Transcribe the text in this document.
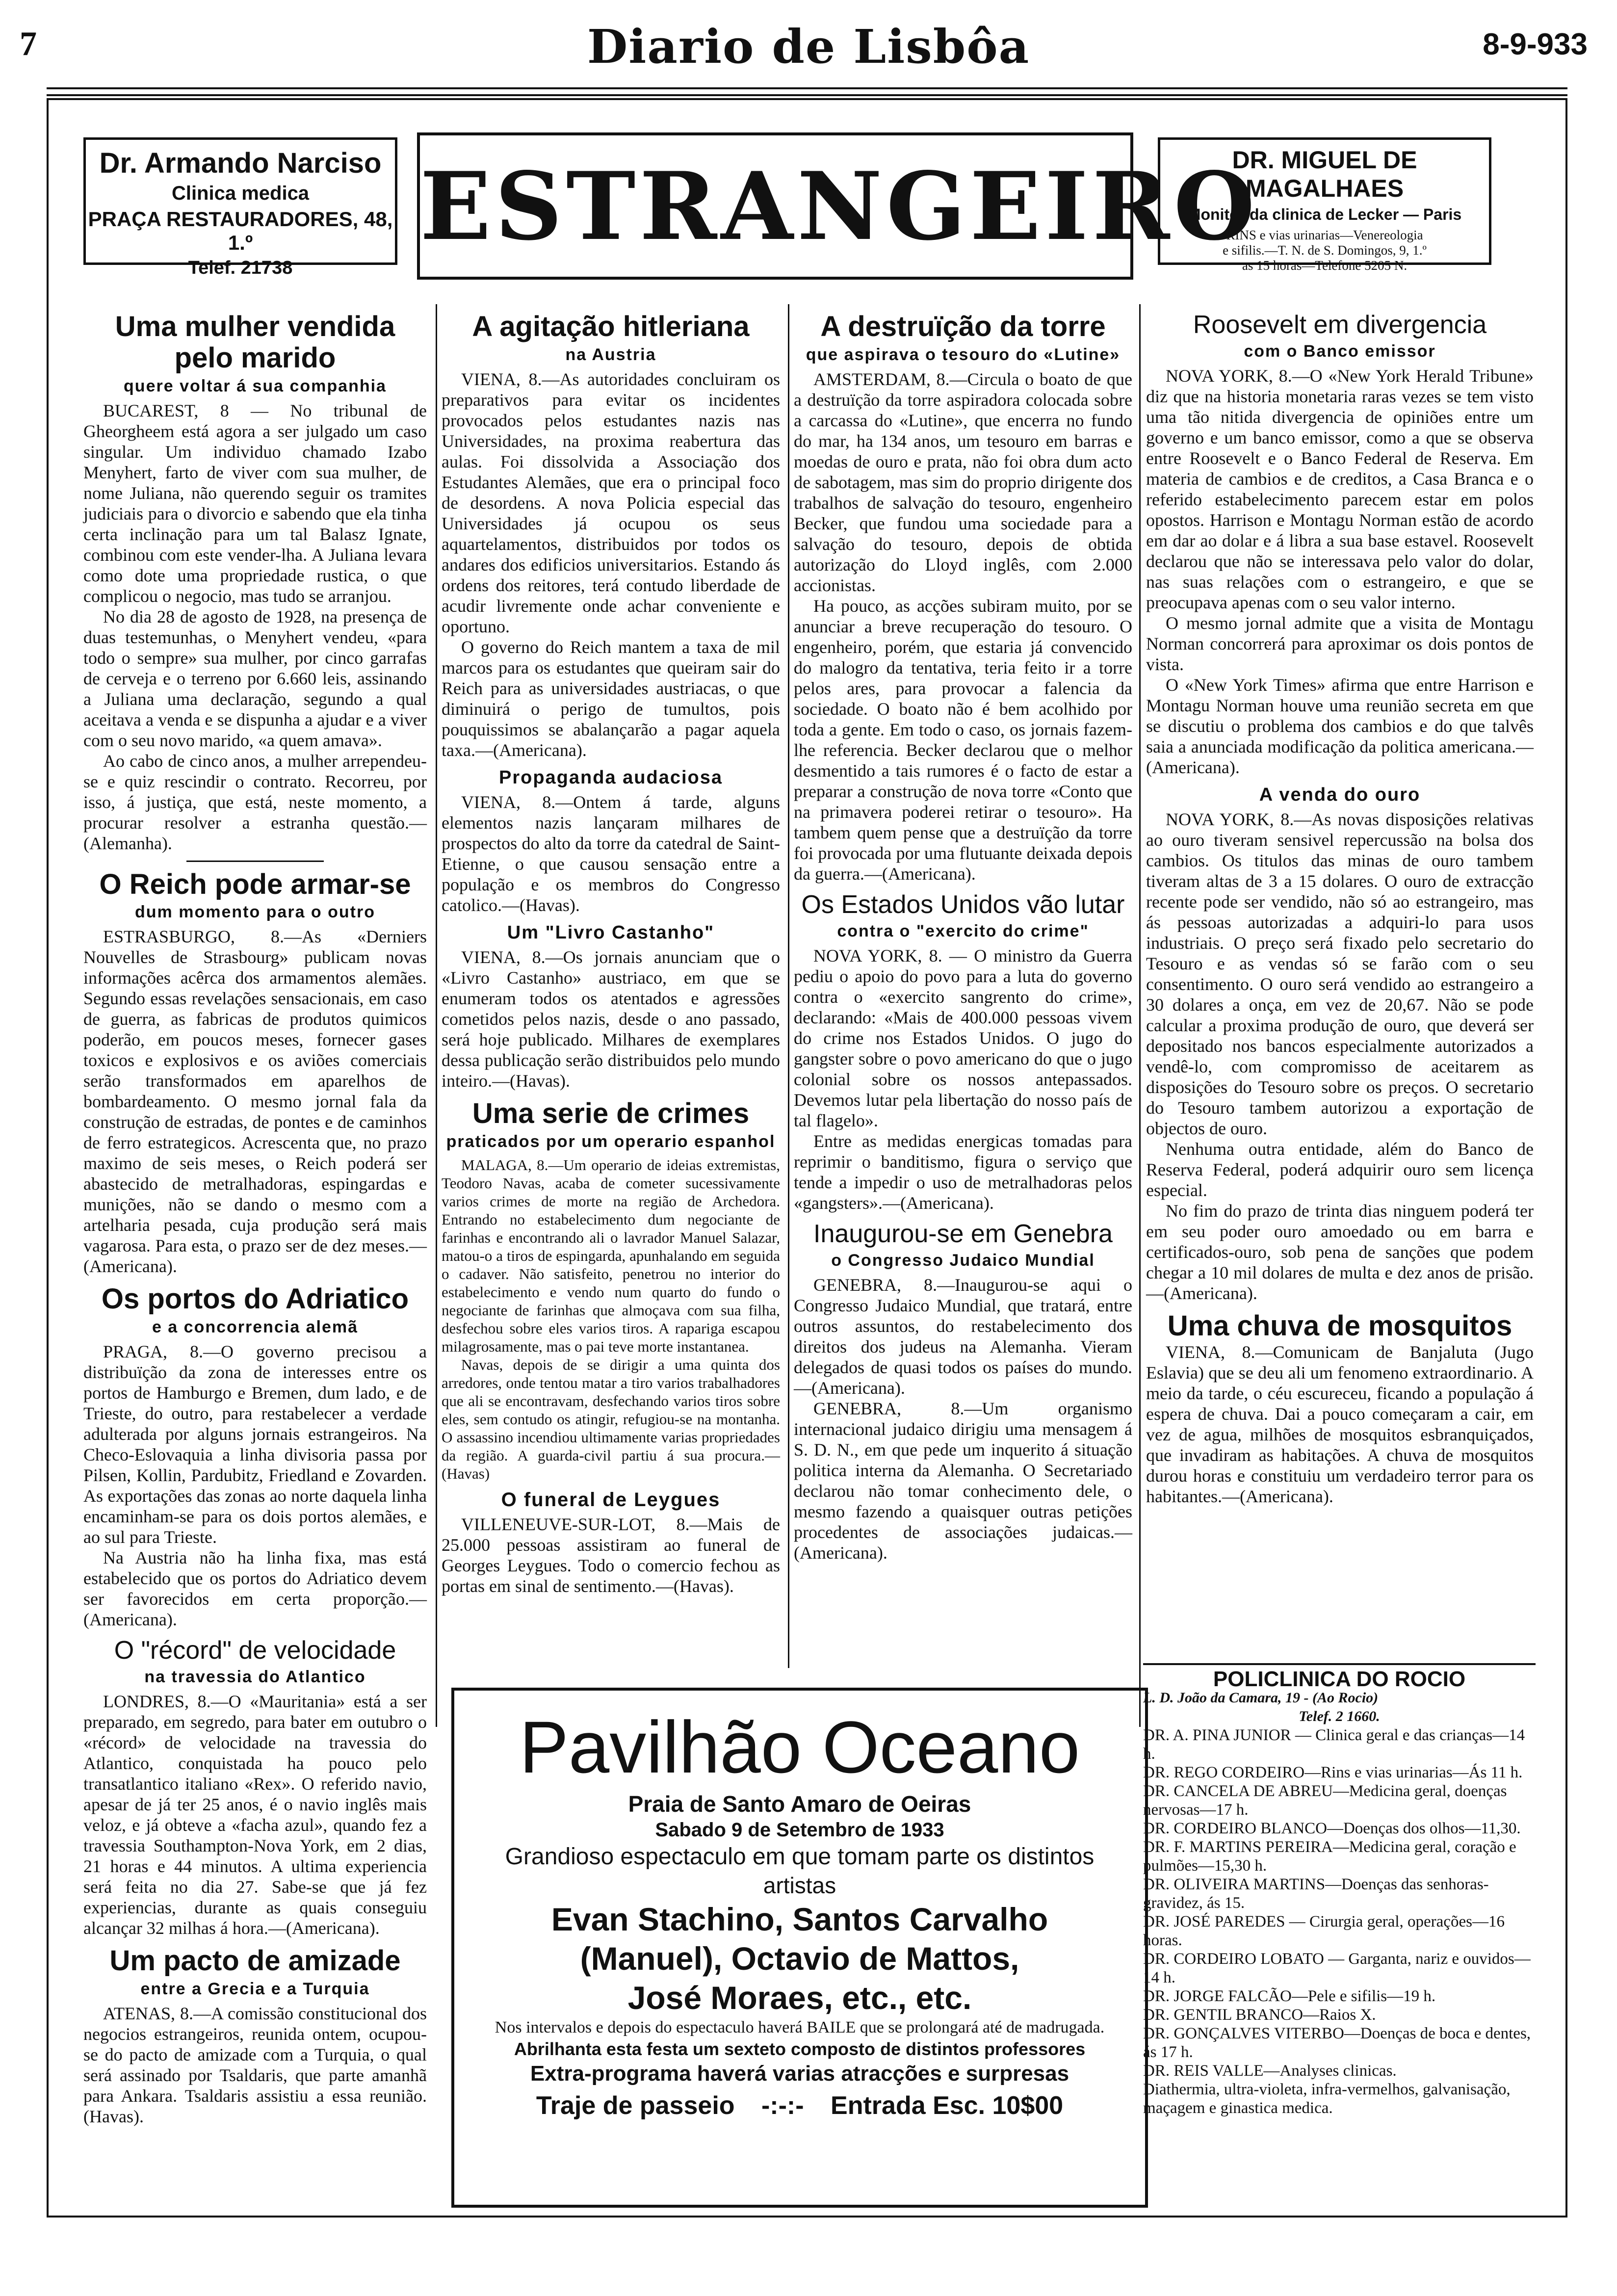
7	Diario de Lisbôa	8-9-933
Dr. Armando Narciso
Clinica medica
PRAÇA RESTAURADORES, 48, 1.º
Telef. 21738
ESTRANGEIRO
DR. MIGUEL DE MAGALHAES
Monitor da clinica de Lecker — Paris
RINS e vias urinarias—Venereologia
e sifilis.—T. N. de S. Domingos, 9, 1.º
as 15 horas—Telefone 5205 N.
Uma mulher vendida pelo marido
quere voltar á sua companhia

BUCAREST, 8 — No tribunal de Gheorgheem está agora a ser julgado um caso singular. Um individuo chamado Izabo Menyhert, farto de viver com sua mulher, de nome Juliana, não querendo seguir os tramites judiciais para o divorcio e sabendo que ela tinha certa inclinação para um tal Balasz Ignate, combinou com este vender-lha. A Juliana levara como dote uma propriedade rustica, o que complicou o negocio, mas tudo se arranjou.

No dia 28 de agosto de 1928, na presença de duas testemunhas, o Menyhert vendeu, «para todo o sempre» sua mulher, por cinco garrafas de cerveja e o terreno por 6.660 leis, assinando a Juliana uma declaração, segundo a qual aceitava a venda e se dispunha a ajudar e a viver com o seu novo marido, «a quem amava».

Ao cabo de cinco anos, a mulher arrependeu-se e quiz rescindir o contrato. Recorreu, por isso, á justiça, que está, neste momento, a procurar resolver a estranha questão.—(Alemanha).

O Reich pode armar-se
dum momento para o outro

ESTRASBURGO, 8.—As «Derniers Nouvelles de Strasbourg» publicam novas informações acêrca dos armamentos alemães. Segundo essas revelações sensacionais, em caso de guerra, as fabricas de produtos quimicos poderão, em poucos meses, fornecer gases toxicos e explosivos e os aviões comerciais serão transformados em aparelhos de bombardeamento. O mesmo jornal fala da construção de estradas, de pontes e de caminhos de ferro estrategicos. Acrescenta que, no prazo maximo de seis meses, o Reich poderá ser abastecido de metralhadoras, espingardas e munições, não se dando o mesmo com a artelharia pesada, cuja produção será mais vagarosa. Para esta, o prazo ser de dez meses.—(Americana).

Os portos do Adriatico
e a concorrencia alemã

PRAGA, 8.—O governo precisou a distribuïção da zona de interesses entre os portos de Hamburgo e Bremen, dum lado, e de Trieste, do outro, para restabelecer a verdade adulterada por alguns jornais estrangeiros. Na Checo-Eslovaquia a linha divisoria passa por Pilsen, Kollin, Pardubitz, Friedland e Zovarden. As exportações das zonas ao norte daquela linha encaminham-se para os dois portos alemães, e ao sul para Trieste.

Na Austria não ha linha fixa, mas está estabelecido que os portos do Adriatico devem ser favorecidos em certa proporção.—(Americana).

O "récord" de velocidade
na travessia do Atlantico

LONDRES, 8.—O «Mauritania» está a ser preparado, em segredo, para bater em outubro o «récord» de velocidade na travessia do Atlantico, conquistada ha pouco pelo transatlantico italiano «Rex». O referido navio, apesar de já ter 25 anos, é o navio inglês mais veloz, e já obteve a «facha azul», quando fez a travessia Southampton-Nova York, em 2 dias, 21 horas e 44 minutos. A ultima experiencia será feita no dia 27. Sabe-se que já fez experiencias, durante as quais conseguiu alcançar 32 milhas á hora.—(Americana).

Um pacto de amizade
entre a Grecia e a Turquia

ATENAS, 8.—A comissão constitucional dos negocios estrangeiros, reunida ontem, ocupou-se do pacto de amizade com a Turquia, o qual será assinado por Tsaldaris, que parte amanhã para Ankara. Tsaldaris assistiu a essa reunião.(Havas).

A agitação hitleriana
na Austria

VIENA, 8.—As autoridades concluiram os preparativos para evitar os incidentes provocados pelos estudantes nazis nas Universidades, na proxima reabertura das aulas. Foi dissolvida a Associação dos Estudantes Alemães, que era o principal foco de desordens. A nova Policia especial das Universidades já ocupou os seus aquartelamentos, distribuidos por todos os andares dos edificios universitarios. Estando ás ordens dos reitores, terá contudo liberdade de acudir livremente onde achar conveniente e oportuno.

O governo do Reich mantem a taxa de mil marcos para os estudantes que queiram sair do Reich para as universidades austriacas, o que diminuirá o perigo de tumultos, pois pouquissimos se abalançarão a pagar aquela taxa.—(Americana).

Propaganda audaciosa

VIENA, 8.—Ontem á tarde, alguns elementos nazis lançaram milhares de prospectos do alto da torre da catedral de Saint-Etienne, o que causou sensação entre a população e os membros do Congresso catolico.—(Havas).

Um "Livro Castanho"

VIENA, 8.—Os jornais anunciam que o «Livro Castanho» austriaco, em que se enumeram todos os atentados e agressões cometidos pelos nazis, desde o ano passado, será hoje publicado. Milhares de exemplares dessa publicação serão distribuidos pelo mundo inteiro.—(Havas).

Uma serie de crimes
praticados por um operario espanhol

MALAGA, 8.—Um operario de ideias extremistas, Teodoro Navas, acaba de cometer sucessivamente varios crimes de morte na região de Archedora. Entrando no estabelecimento dum negociante de farinhas e encontrando ali o lavrador Manuel Salazar, matou-o a tiros de espingarda, apunhalando em seguida o cadaver. Não satisfeito, penetrou no interior do estabelecimento e vendo num quarto do fundo o negociante de farinhas que almoçava com sua filha, desfechou sobre eles varios tiros. A rapariga escapou milagrosamente, mas o pai teve morte instantanea.

Navas, depois de se dirigir a uma quinta dos arredores, onde tentou matar a tiro varios trabalhadores que ali se encontravam, desfechando varios tiros sobre eles, sem contudo os atingir, refugiou-se na montanha. O assassino incendiou ultimamente varias propriedades da região. A guarda-civil partiu á sua procura.—(Havas)

O funeral de Leygues

VILLENEUVE-SUR-LOT, 8.—Mais de 25.000 pessoas assistiram ao funeral de Georges Leygues. Todo o comercio fechou as portas em sinal de sentimento.—(Havas).

A destruïção da torre
que aspirava o tesouro do «Lutine»

AMSTERDAM, 8.—Circula o boato de que a destruïção da torre aspiradora colocada sobre a carcassa do «Lutine», que encerra no fundo do mar, ha 134 anos, um tesouro em barras e moedas de ouro e prata, não foi obra dum acto de sabotagem, mas sim do proprio dirigente dos trabalhos de salvação do tesouro, engenheiro Becker, que fundou uma sociedade para a salvação do tesouro, depois de obtida autorização do Lloyd inglês, com 2.000 accionistas.

Ha pouco, as acções subiram muito, por se anunciar a breve recuperação do tesouro. O engenheiro, porém, que estaria já convencido do malogro da tentativa, teria feito ir a torre pelos ares, para provocar a falencia da sociedade. O boato não é bem acolhido por toda a gente. Em todo o caso, os jornais fazem-lhe referencia. Becker declarou que o melhor desmentido a tais rumores é o facto de estar a preparar a construção de nova torre «Conto que na primavera poderei retirar o tesouro». Ha tambem quem pense que a destruïção da torre foi provocada por uma flutuante deixada depois da guerra.—(Americana).

Os Estados Unidos vão lutar
contra o "exercito do crime"

NOVA YORK, 8. — O ministro da Guerra pediu o apoio do povo para a luta do governo contra o «exercito sangrento do crime», declarando: «Mais de 400.000 pessoas vivem do crime nos Estados Unidos. O jugo do gangster sobre o povo americano do que o jugo colonial sobre os nossos antepassados. Devemos lutar pela libertação do nosso país de tal flagelo».

Entre as medidas energicas tomadas para reprimir o banditismo, figura o serviço que tende a impedir o uso de metralhadoras pelos «gangsters».—(Americana).

Inaugurou-se em Genebra
o Congresso Judaico Mundial

GENEBRA, 8.—Inaugurou-se aqui o Congresso Judaico Mundial, que tratará, entre outros assuntos, do restabelecimento dos direitos dos judeus na Alemanha. Vieram delegados de quasi todos os países do mundo.—(Americana).

GENEBRA, 8.—Um organismo internacional judaico dirigiu uma mensagem á S. D. N., em que pede um inquerito á situação politica interna da Alemanha. O Secretariado declarou não tomar conhecimento dele, o mesmo fazendo a quaisquer outras petições procedentes de associações judaicas.—(Americana).

Roosevelt em divergencia
com o Banco emissor

NOVA YORK, 8.—O «New York Herald Tribune» diz que na historia monetaria raras vezes se tem visto uma tão nitida divergencia de opiniões entre um governo e um banco emissor, como a que se observa entre Roosevelt e o Banco Federal de Reserva. Em materia de cambios e de creditos, a Casa Branca e o referido estabelecimento parecem estar em polos opostos. Harrison e Montagu Norman estão de acordo em dar ao dolar e á libra a sua base estavel. Roosevelt declarou que não se interessava pelo valor do dolar, nas suas relações com o estrangeiro, e que se preocupava apenas com o seu valor interno.

O mesmo jornal admite que a visita de Montagu Norman concorrerá para aproximar os dois pontos de vista.

O «New York Times» afirma que entre Harrison e Montagu Norman houve uma reunião secreta em que se discutiu o problema dos cambios e do que talvês saia a anunciada modificação da politica americana.—(Americana).

A venda do ouro

NOVA YORK, 8.—As novas disposições relativas ao ouro tiveram sensivel repercussão na bolsa dos cambios. Os titulos das minas de ouro tambem tiveram altas de 3 a 15 dolares. O ouro de extracção recente pode ser vendido, não só ao estrangeiro, mas ás pessoas autorizadas a adquiri-lo para usos industriais. O preço será fixado pelo secretario do Tesouro e as vendas só se farão com o seu consentimento. O ouro será vendido ao estrangeiro a 30 dolares a onça, em vez de 20,67. Não se pode calcular a proxima produção de ouro, que deverá ser depositado nos bancos especialmente autorizados a vendê-lo, com compromisso de aceitarem as disposições do Tesouro sobre os preços. O secretario do Tesouro tambem autorizou a exportação de objectos de ouro.

Nenhuma outra entidade, além do Banco de Reserva Federal, poderá adquirir ouro sem licença especial.

No fim do prazo de trinta dias ninguem poderá ter em seu poder ouro amoedado ou em barra e certificados-ouro, sob pena de sanções que podem chegar a 10 mil dolares de multa e dez anos de prisão.—(Americana).

Uma chuva de mosquitos

VIENA, 8.—Comunicam de Banjaluta (Jugo Eslavia) que se deu ali um fenomeno extraordinario. A meio da tarde, o céu escureceu, ficando a população á espera de chuva. Dai a pouco começaram a cair, em vez de agua, milhões de mosquitos esbranquiçados, que invadiram as habitações. A chuva de mosquitos durou horas e constituiu um verdadeiro terror para os habitantes.—(Americana).

Pavilhão Oceano
Praia de Santo Amaro de Oeiras
Sabado 9 de Setembro de 1933
Grandioso espectaculo em que tomam parte os distintos
artistas
Evan Stachino, Santos Carvalho
(Manuel), Octavio de Mattos,
José Moraes, etc., etc.
Nos intervalos e depois do espectaculo haverá BAILE que se prolongará até de madrugada.
Abrilhanta esta festa um sexteto composto de distintos professores
Extra-programa haverá varias atracções e surpresas
Traje de passeio -:-:- Entrada Esc. 10$00
POLICLINICA DO ROCIO
L. D. João da Camara, 19 - (Ao Rocio)
Telef. 2 1660.
DR. A. PINA JUNIOR — Clinica geral e das crianças—14 h.
DR. REGO CORDEIRO—Rins e vias urinarias—Ás 11 h.
DR. CANCELA DE ABREU—Medicina geral, doenças nervosas—17 h.
DR. CORDEIRO BLANCO—Doenças dos olhos—11,30.
DR. F. MARTINS PEREIRA—Medicina geral, coração e pulmões—15,30 h.
DR. OLIVEIRA MARTINS—Doenças das senhoras-gravidez, ás 15.
DR. JOSÉ PAREDES — Cirurgia geral, operações—16 horas.
DR. CORDEIRO LOBATO — Garganta, nariz e ouvidos—14 h.
DR. JORGE FALCÃO—Pele e sifilis—19 h.
DR. GENTIL BRANCO—Raios X.
DR. GONÇALVES VITERBO—Doenças de boca e dentes, ás 17 h.
DR. REIS VALLE—Analyses clinicas.
Diathermia, ultra-violeta, infra-vermelhos, galvanisação, maçagem e ginastica medica.
